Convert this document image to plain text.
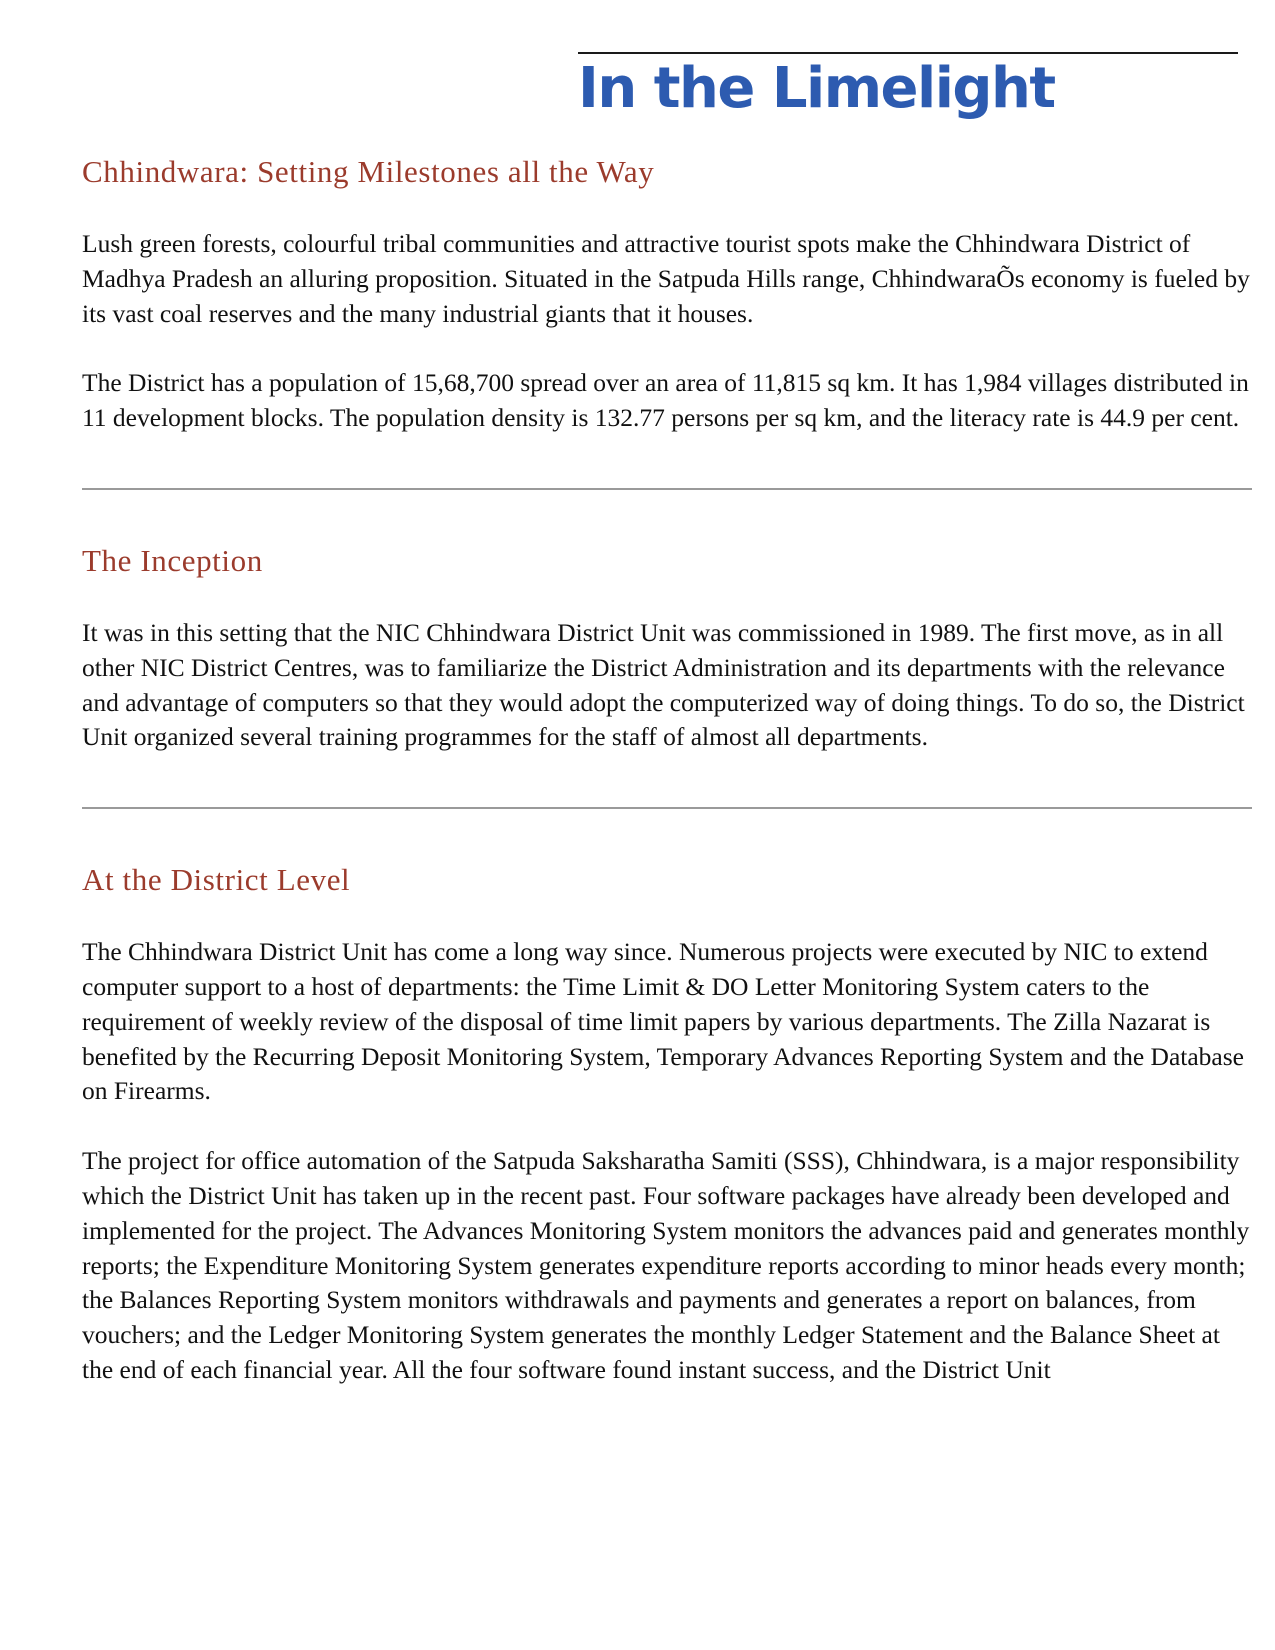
In the Limelight
Chhindwara: Setting Milestones all the Way

Lush green forests, colourful tribal communities and attractive tourist spots make the Chhindwara District of Madhya Pradesh an alluring proposition. Situated in the Satpuda Hills range, ChhindwaraÕs economy is fueled by its vast coal reserves and the many industrial giants that it houses.

The District has a population of 15,68,700 spread over an area of 11,815 sq km. It has 1,984 villages distributed in 11 development blocks. The population density is 132.77 persons per sq km, and the literacy rate is 44.9 per cent.

The Inception

It was in this setting that the NIC Chhindwara District Unit was commissioned in 1989. The first move, as in all other NIC District Centres, was to familiarize the District Administration and its departments with the relevance and advantage of computers so that they would adopt the computerized way of doing things. To do so, the District Unit organized several training programmes for the staff of almost all departments.

At the District Level

The Chhindwara District Unit has come a long way since. Numerous projects were executed by NIC to extend computer support to a host of departments: the Time Limit & DO Letter Monitoring System caters to the requirement of weekly review of the disposal of time limit papers by various departments. The Zilla Nazarat is benefited by the Recurring Deposit Monitoring System, Temporary Advances Reporting System and the Database on Firearms.

The project for office automation of the Satpuda Saksharatha Samiti (SSS), Chhindwara, is a major responsibility which the District Unit has taken up in the recent past. Four software packages have already been developed and implemented for the project. The Advances Monitoring System monitors the advances paid and generates monthly reports; the Expenditure Monitoring System generates expenditure reports according to minor heads every month; the Balances Reporting System monitors withdrawals and payments and generates a report on balances, from vouchers; and the Ledger Monitoring System generates the monthly Ledger Statement and the Balance Sheet at the end of each financial year. All the four software found instant success, and the District Unit
